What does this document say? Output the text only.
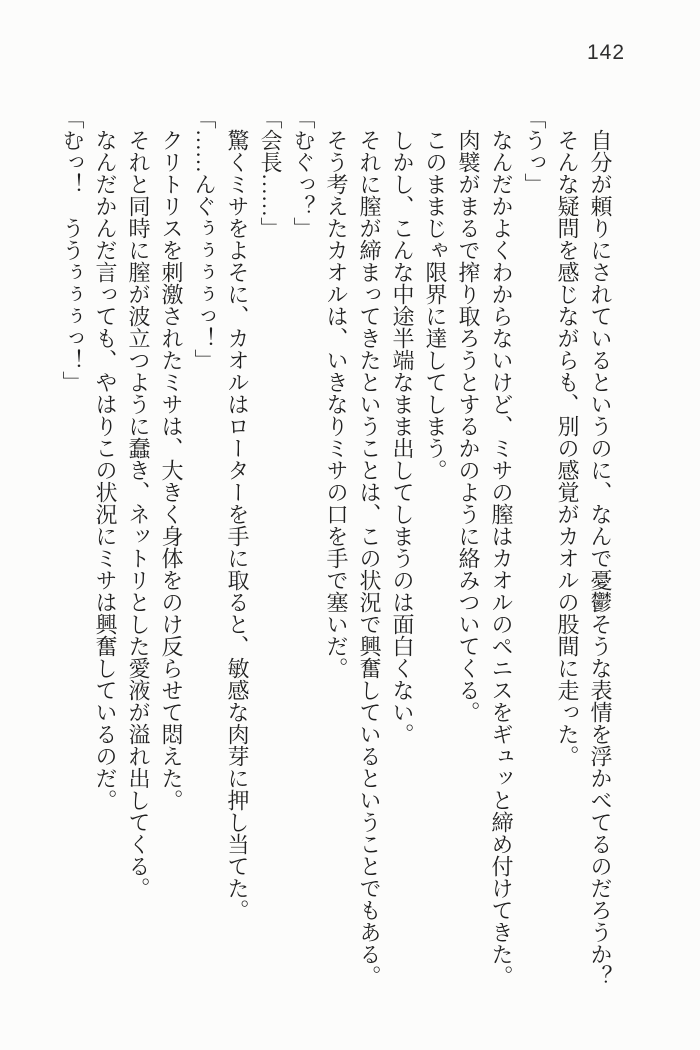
142

自分が頼りにされているというのに、なんで憂鬱そうな表情を浮かべてるのだろうか？

そんな疑問を感じながらも、別の感覚がカオルの股間に走った。

「うっ」

なんだかよくわからないけど、ミサの膣はカオルのペニスをギュッと締め付けてきた。

肉襞がまるで搾り取ろうとするかのように絡みついてくる。

このままじゃ限界に達してしまう。

しかし、こんな中途半端なまま出してしまうのは面白くない。

それに膣が締まってきたということは、この状況で興奮しているということでもある。

そう考えたカオルは、いきなりミサの口を手で塞いだ。

「むぐっ？」

「会長……」

驚くミサをよそに、カオルはローターを手に取ると、敏感な肉芽に押し当てた。

「……んぐぅぅぅぅっ！」

クリトリスを刺激されたミサは、大きく身体をのけ反らせて悶えた。

それと同時に膣が波立つように蠢き、ネットリとした愛液が溢れ出してくる。

なんだかんだ言っても、やはりこの状況にミサは興奮しているのだ。

「むっ！　ううぅぅぅっ！」
